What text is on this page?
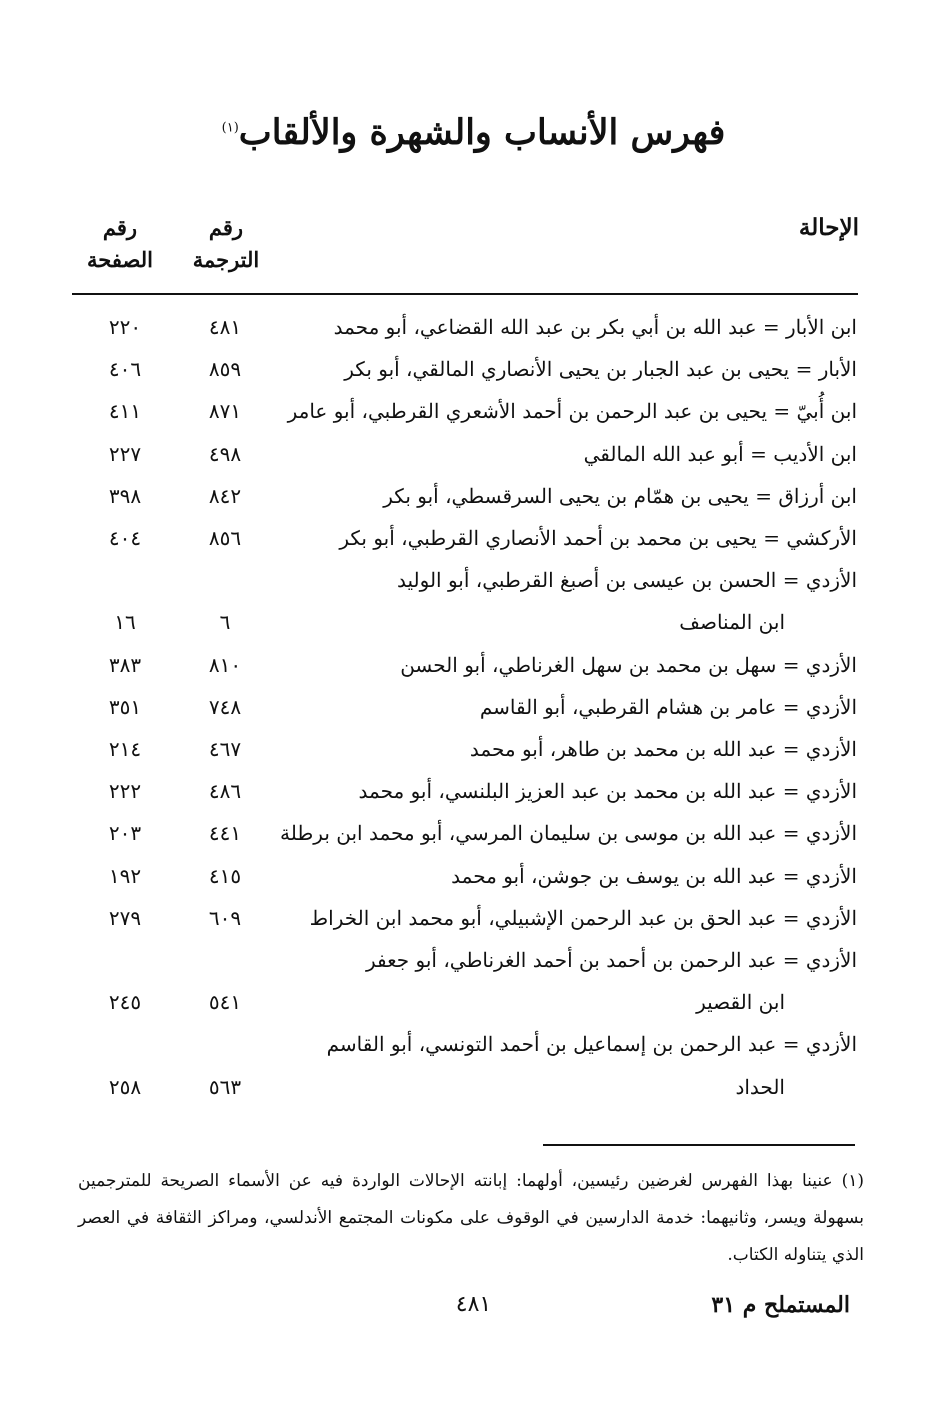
فهرس الأنساب والشهرة والألقاب$^{(١)}$
الإحالة
رقم
الترجمة
رقم
الصفحة
ابن الأبار = عبد الله بن أبي بكر بن عبد الله القضاعي، أبو محمد
٤٨١
٢٢٠
الأبار = يحيى بن عبد الجبار بن يحيى الأنصاري المالقي، أبو بكر
٨٥٩
٤٠٦
ابن أُبيّ = يحيى بن عبد الرحمن بن أحمد الأشعري القرطبي، أبو عامر
٨٧١
٤١١
ابن الأديب = أبو عبد الله المالقي
٤٩٨
٢٢٧
ابن أرزاق = يحيى بن همّام بن يحيى السرقسطي، أبو بكر
٨٤٢
٣٩٨
الأركشي = يحيى بن محمد بن أحمد الأنصاري القرطبي، أبو بكر
٨٥٦
٤٠٤
الأزدي = الحسن بن عيسى بن أصبغ القرطبي، أبو الوليد
ابن المناصف
٦
١٦
الأزدي = سهل بن محمد بن سهل الغرناطي، أبو الحسن
٨١٠
٣٨٣
الأزدي = عامر بن هشام القرطبي، أبو القاسم
٧٤٨
٣٥١
الأزدي = عبد الله بن محمد بن طاهر، أبو محمد
٤٦٧
٢١٤
الأزدي = عبد الله بن محمد بن عبد العزيز البلنسي، أبو محمد
٤٨٦
٢٢٢
الأزدي = عبد الله بن موسى بن سليمان المرسي، أبو محمد ابن برطلة
٤٤١
٢٠٣
الأزدي = عبد الله بن يوسف بن جوشن، أبو محمد
٤١٥
١٩٢
الأزدي = عبد الحق بن عبد الرحمن الإشبيلي، أبو محمد ابن الخراط
٦٠٩
٢٧٩
الأزدي = عبد الرحمن بن أحمد بن أحمد الغرناطي، أبو جعفر
ابن القصير
٥٤١
٢٤٥
الأزدي = عبد الرحمن بن إسماعيل بن أحمد التونسي، أبو القاسم
الحداد
٥٦٣
٢٥٨
(١) عنينا بهذا الفهرس لغرضين رئيسين، أولهما: إبانته الإحالات الواردة فيه عن الأسماء الصريحة للمترجمين بسهولة ويسر، وثانيهما: خدمة الدارسين في الوقوف على مكونات المجتمع الأندلسي، ومراكز الثقافة في العصر الذي يتناوله الكتاب.
المستملح م ٣١
٤٨١
